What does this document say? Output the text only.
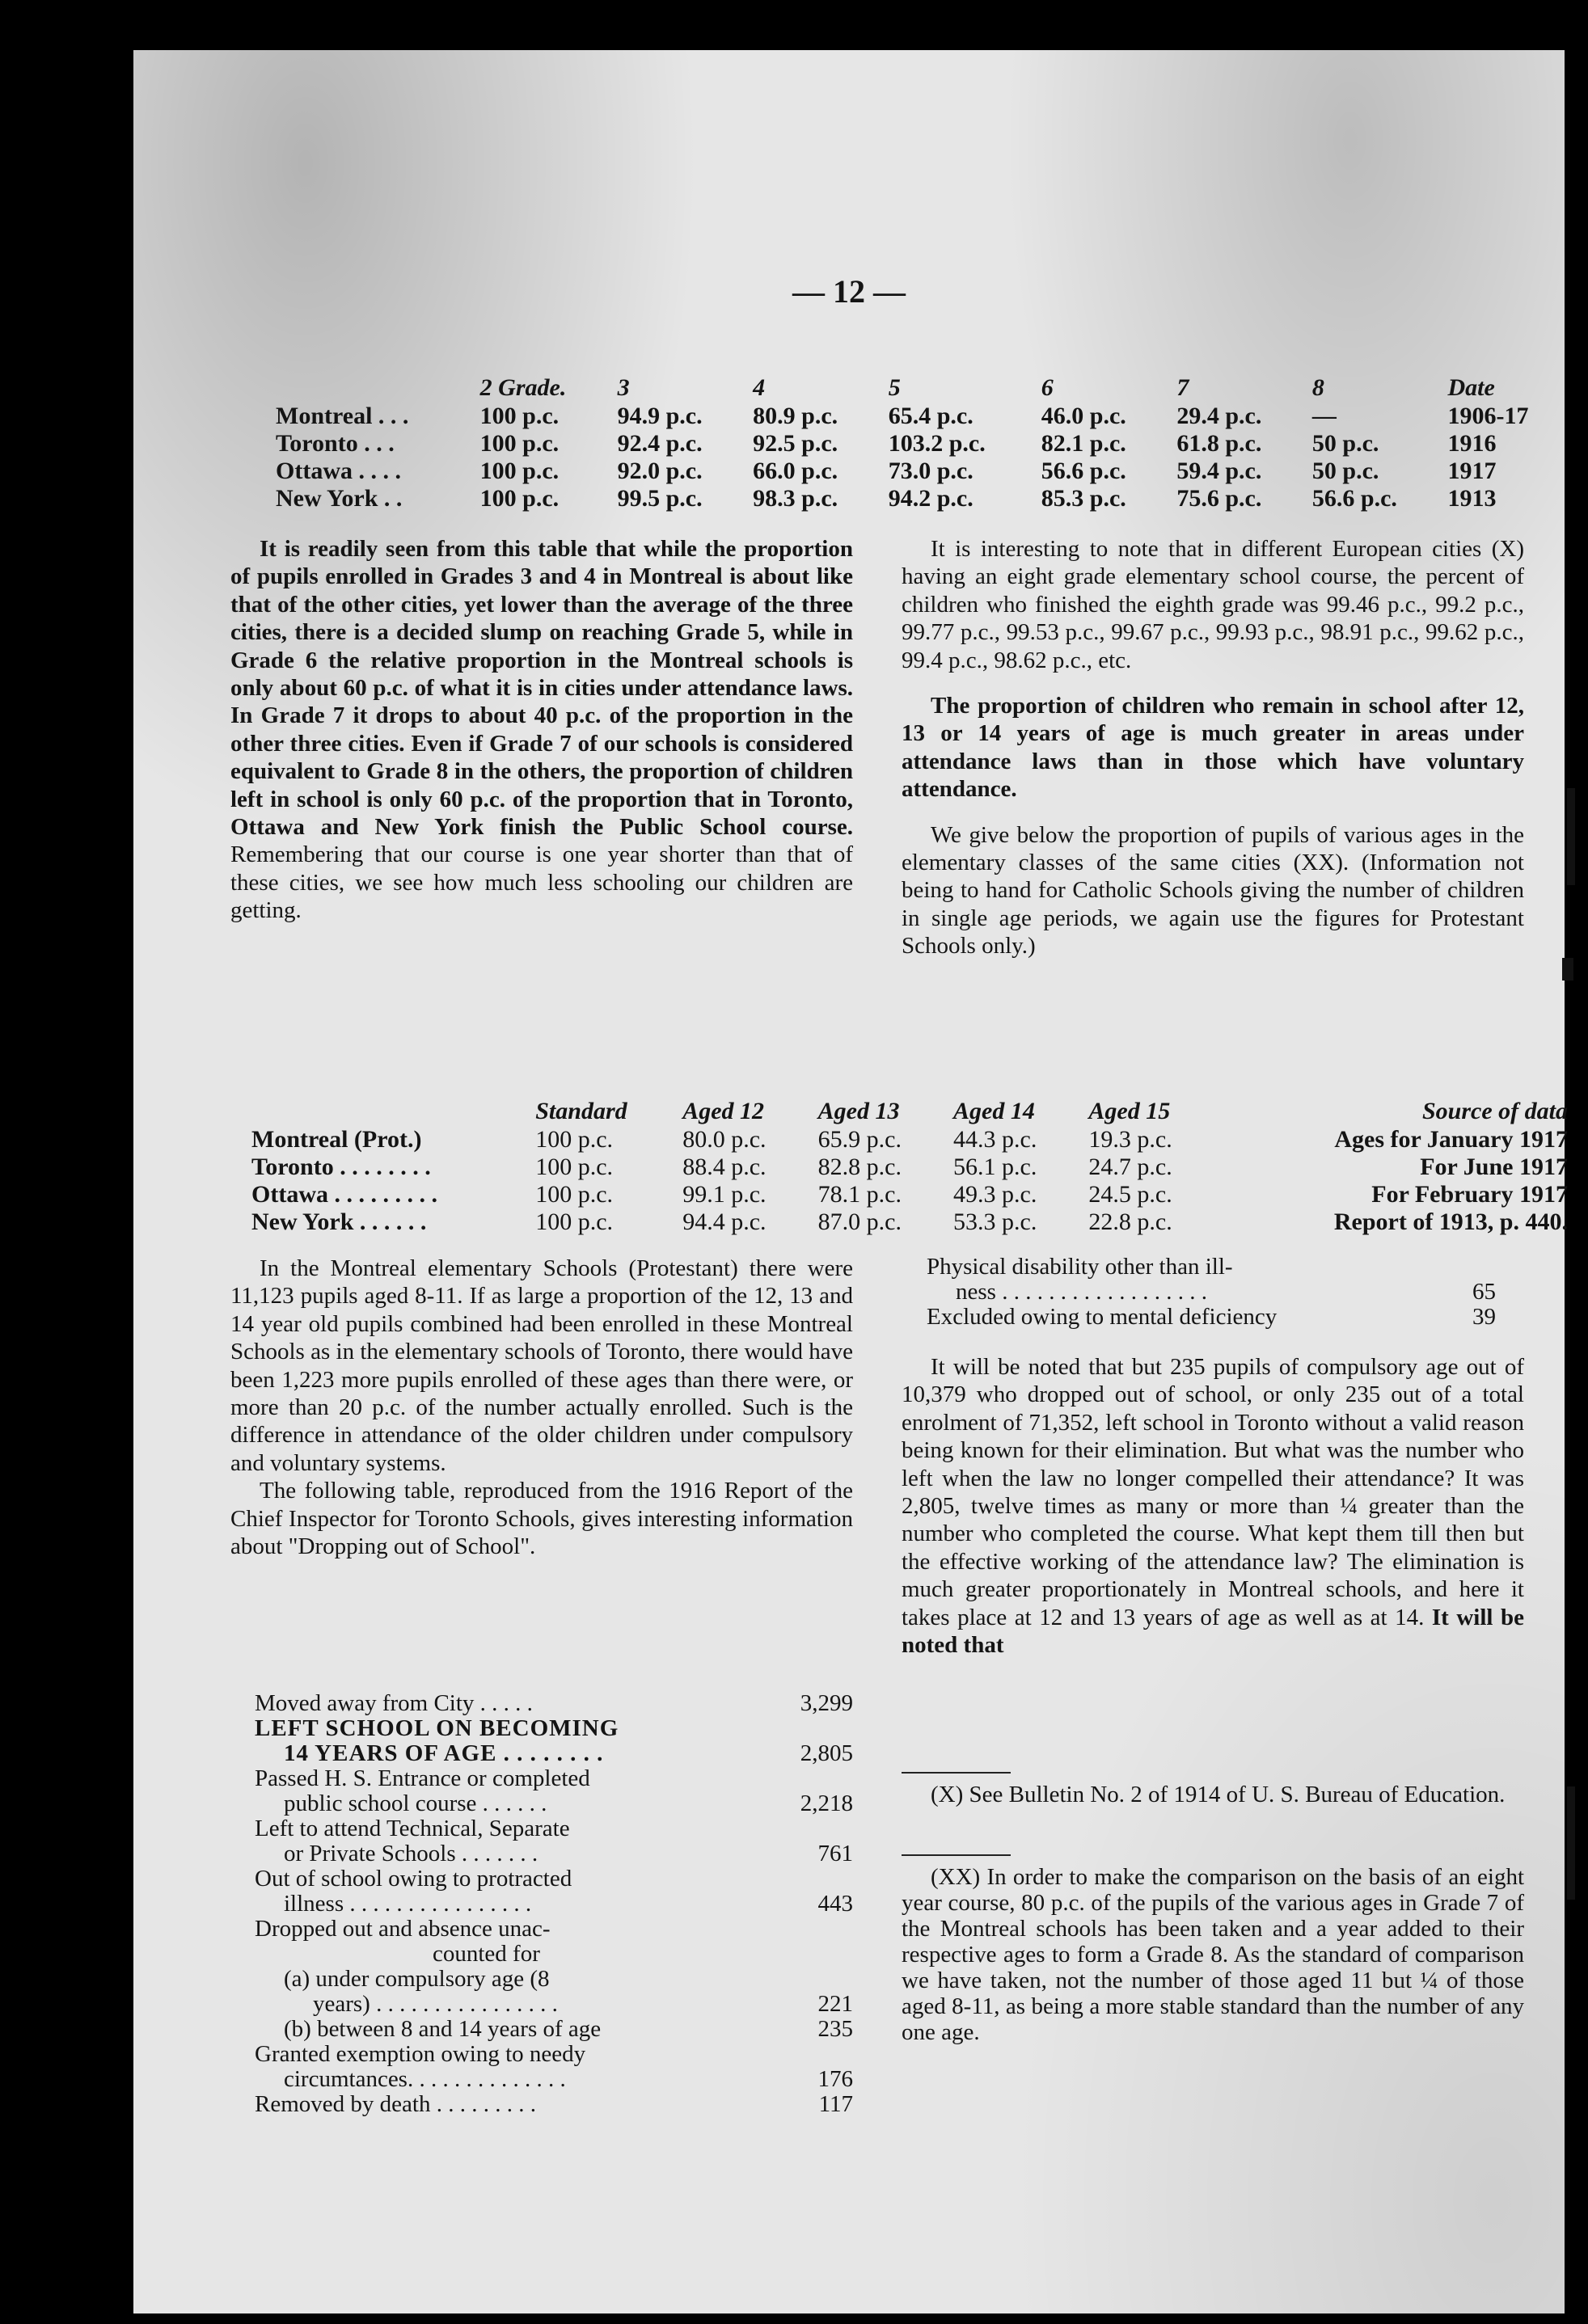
— 12 —
	2 Grade.	3	4	5	6	7	8	Date
Montreal . . .	100 p.c.	94.9 p.c.	80.9 p.c.	65.4 p.c.	46.0 p.c.	29.4 p.c.	—	1906-17
Toronto . . .	100 p.c.	92.4 p.c.	92.5 p.c.	103.2 p.c.	82.1 p.c.	61.8 p.c.	50 p.c.	1916
Ottawa . . . .	100 p.c.	92.0 p.c.	66.0 p.c.	73.0 p.c.	56.6 p.c.	59.4 p.c.	50 p.c.	1917
New York . .	100 p.c.	99.5 p.c.	98.3 p.c.	94.2 p.c.	85.3 p.c.	75.6 p.c.	56.6 p.c.	1913

It is readily seen from this table that while the proportion of pupils enrolled in Grades 3 and 4 in Montreal is about like that of the other cities, yet lower than the average of the three cities, there is a decided slump on reaching Grade 5, while in Grade 6 the relative proportion in the Montreal schools is only about 60 p.c. of what it is in cities under attendance laws. In Grade 7 it drops to about 40 p.c. of the proportion in the other three cities. Even if Grade 7 of our schools is considered equivalent to Grade 8 in the others, the proportion of children left in school is only 60 p.c. of the proportion that in Toronto, Ottawa and New York finish the Public School course. Remembering that our course is one year shorter than that of these cities, we see how much less schooling our children are getting.

It is interesting to note that in different European cities (X) having an eight grade elementary school course, the percent of children who finished the eighth grade was 99.46 p.c., 99.2 p.c., 99.77 p.c., 99.53 p.c., 99.67 p.c., 99.93 p.c., 98.91 p.c., 99.62 p.c., 99.4 p.c., 98.62 p.c., etc.

The proportion of children who remain in school after 12, 13 or 14 years of age is much greater in areas under attendance laws than in those which have voluntary attendance.

We give below the proportion of pupils of various ages in the elementary classes of the same cities (XX). (Information not being to hand for Catholic Schools giving the number of children in single age periods, we again use the figures for Protestant Schools only.)

	Standard	Aged 12	Aged 13	Aged 14	Aged 15	Source of data
Montreal (Prot.)	100 p.c.	80.0 p.c.	65.9 p.c.	44.3 p.c.	19.3 p.c.	Ages for January 1917
Toronto . . . . . . . .	100 p.c.	88.4 p.c.	82.8 p.c.	56.1 p.c.	24.7 p.c.	For June 1917
Ottawa . . . . . . . . .	100 p.c.	99.1 p.c.	78.1 p.c.	49.3 p.c.	24.5 p.c.	For February 1917
New York . . . . . .	100 p.c.	94.4 p.c.	87.0 p.c.	53.3 p.c.	22.8 p.c.	Report of 1913, p. 440.

In the Montreal elementary Schools (Protestant) there were 11,123 pupils aged 8-11. If as large a proportion of the 12, 13 and 14 year old pupils combined had been enrolled in these Montreal Schools as in the elementary schools of Toronto, there would have been 1,223 more pupils enrolled of these ages than there were, or more than 20 p.c. of the number actually enrolled. Such is the difference in attendance of the older children under compulsory and voluntary systems.

The following table, reproduced from the 1916 Report of the Chief Inspector for Toronto Schools, gives interesting information about "Dropping out of School".

Moved away from City . . . . .	3,299
LEFT SCHOOL ON BECOMING
14 YEARS OF AGE . . . . . . . .	2,805
Passed H. S. Entrance or completed
public school course . . . . . .	2,218
Left to attend Technical, Separate
or Private Schools . . . . . . .	761
Out of school owing to protracted
illness . . . . . . . . . . . . . . . .	443
Dropped out and absence unac-
counted for
(a) under compulsory age (8
years) . . . . . . . . . . . . . . . .	221
(b) between 8 and 14 years of age	235
Granted exemption owing to needy
circumtances. . . . . . . . . . . . . .	176
Removed by death . . . . . . . . .	117
Physical disability other than ill-
ness . . . . . . . . . . . . . . . . . .	65
Excluded owing to mental deficiency	39

It will be noted that but 235 pupils of compulsory age out of 10,379 who dropped out of school, or only 235 out of a total enrolment of 71,352, left school in Toronto without a valid reason being known for their elimination. But what was the number who left when the law no longer compelled their attendance? It was 2,805, twelve times as many or more than ¼ greater than the number who completed the course. What kept them till then but the effective working of the attendance law? The elimination is much greater proportionately in Montreal schools, and here it takes place at 12 and 13 years of age as well as at 14. It will be noted that

(X) See Bulletin No. 2 of 1914 of U. S. Bureau of Education.

(XX) In order to make the comparison on the basis of an eight year course, 80 p.c. of the pupils of the various ages in Grade 7 of the Montreal schools has been taken and a year added to their respective ages to form a Grade 8. As the standard of comparison we have taken, not the number of those aged 11 but ¼ of those aged 8-11, as being a more stable standard than the number of any one age.
